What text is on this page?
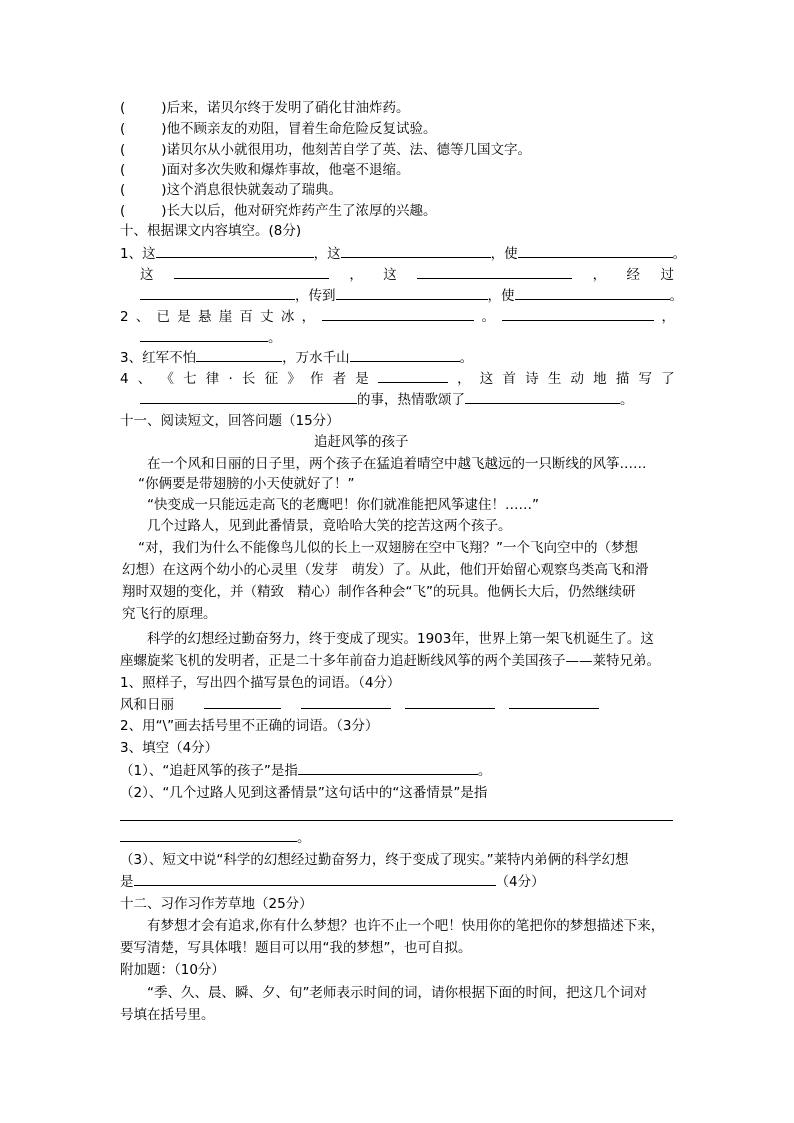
(	)后来，诺贝尔终于发明了硝化甘油炸药。
(	)他不顾亲友的劝阻，冒着生命危险反复试验。
(	)诺贝尔从小就很用功，他刻苦自学了英、法、德等几国文字。
(	)面对多次失败和爆炸事故，他毫不退缩。
(	)这个消息很快就轰动了瑞典。
(	)长大以后，他对研究炸药产生了浓厚的兴趣。
十、根据课文内容填空。(8分)
1、这	，这	，使	。
这	， 这	， 经 过
，传到	，使	。
2 、 已 是 悬 崖 百 丈 冰 ，	。	，
。
3、红军不怕	，万水千山	。
4 、 《 七 律 · 长 征 》 作 者 是	， 这 首 诗 生 动 地 描 写 了
的事，热情歌颂了	。
十一、阅读短文，回答问题（15分）
追赶风筝的孩子
在一个风和日丽的日子里，两个孩子在猛追着晴空中越飞越远的一只断线的风筝……
“你俩要是带翅膀的小天使就好了！”
“快变成一只能远走高飞的老鹰吧！你们就准能把风筝逮住！……”
几个过路人，见到此番情景，竟哈哈大笑的挖苦这两个孩子。
“对，我们为什么不能像鸟儿似的长上一双翅膀在空中飞翔？”一个飞向空中的（梦想
幻想）在这两个幼小的心灵里（发芽　萌发）了。从此，他们开始留心观察鸟类高飞和滑
翔时双翅的变化，并（精致　精心）制作各种会“飞”的玩具。他俩长大后，仍然继续研
究飞行的原理。
科学的幻想经过勤奋努力，终于变成了现实。1903年，世界上第一架飞机诞生了。这
座螺旋桨飞机的发明者，正是二十多年前奋力追赶断线风筝的两个美国孩子——莱特兄弟。
1、照样子，写出四个描写景色的词语。（4分）
风和日丽
2、用“\”画去括号里不正确的词语。（3分）
3、填空（4分）
（1）、“追赶风筝的孩子”是指	。
（2）、“几个过路人见到这番情景”这句话中的“这番情景”是指
。
（3）、短文中说“科学的幻想经过勤奋努力，终于变成了现实。”莱特内弟俩的科学幻想
是	（4分）
十二、习作习作芳草地（25分）
有梦想才会有追求,你有什么梦想？也许不止一个吧！快用你的笔把你的梦想描述下来，
要写清楚，写具体哦！题目可以用“我的梦想”，也可自拟。
附加题：（10分）
“季、久、晨、瞬、夕、旬”老师表示时间的词，请你根据下面的时间，把这几个词对
号填在括号里。
